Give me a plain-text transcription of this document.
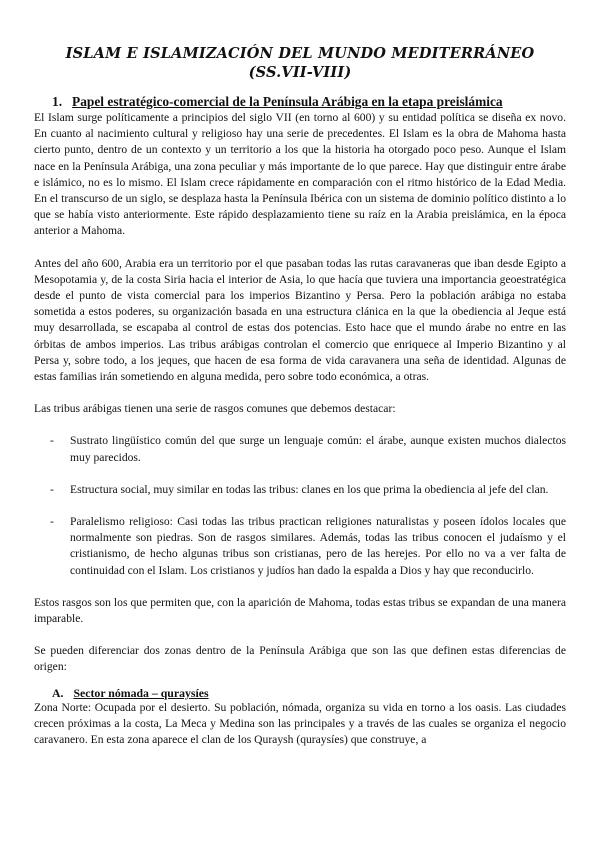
ISLAM E ISLAMIZACIÓN DEL MUNDO MEDITERRÁNEO
(SS.VII-VIII)
1. Papel estratégico-comercial de la Península Arábiga en la etapa preislámica

El Islam surge políticamente a principios del siglo VII (en torno al 600) y su entidad política se diseña ex novo. En cuanto al nacimiento cultural y religioso hay una serie de precedentes. El Islam es la obra de Mahoma hasta cierto punto, dentro de un contexto y un territorio a los que la historia ha otorgado poco peso. Aunque el Islam nace en la Península Arábiga, una zona peculiar y más importante de lo que parece. Hay que distinguir entre árabe e islámico, no es lo mismo. El Islam crece rápidamente en comparación con el ritmo histórico de la Edad Media. En el transcurso de un siglo, se desplaza hasta la Península Ibérica con un sistema de dominio político distinto a lo que se había visto anteriormente. Este rápido desplazamiento tiene su raíz en la Arabia preislámica, en la época anterior a Mahoma.

Antes del año 600, Arabia era un territorio por el que pasaban todas las rutas caravaneras que iban desde Egipto a Mesopotamia y, de la costa Siria hacia el interior de Asia, lo que hacía que tuviera una importancia geoestratégica desde el punto de vista comercial para los imperios Bizantino y Persa. Pero la población arábiga no estaba sometida a estos poderes, su organización basada en una estructura clánica en la que la obediencia al Jeque está muy desarrollada, se escapaba al control de estas dos potencias. Esto hace que el mundo árabe no entre en las órbitas de ambos imperios. Las tribus arábigas controlan el comercio que enriquece al Imperio Bizantino y al Persa y, sobre todo, a los jeques, que hacen de esa forma de vida caravanera una seña de identidad. Algunas de estas familias irán sometiendo en alguna medida, pero sobre todo económica, a otras.

Las tribus arábigas tienen una serie de rasgos comunes que debemos destacar:

-	Sustrato lingüístico común del que surge un lenguaje común: el árabe, aunque existen muchos dialectos muy parecidos.
-	Estructura social, muy similar en todas las tribus: clanes en los que prima la obediencia al jefe del clan.
-	Paralelismo religioso: Casi todas las tribus practican religiones naturalistas y poseen ídolos locales que normalmente son piedras. Son de rasgos similares. Además, todas las tribus conocen el judaísmo y el cristianismo, de hecho algunas tribus son cristianas, pero de las herejes. Por ello no va a ver falta de continuidad con el Islam. Los cristianos y judíos han dado la espalda a Dios y hay que reconducirlo.

Estos rasgos son los que permiten que, con la aparición de Mahoma, todas estas tribus se expandan de una manera imparable.

Se pueden diferenciar dos zonas dentro de la Península Arábiga que son las que definen estas diferencias de origen:

A. Sector nómada – quraysíes

Zona Norte: Ocupada por el desierto. Su población, nómada, organiza su vida en torno a los oasis. Las ciudades crecen próximas a la costa, La Meca y Medina son las principales y a través de las cuales se organiza el negocio caravanero. En esta zona aparece el clan de los Quraysh (quraysíes) que construye, a
